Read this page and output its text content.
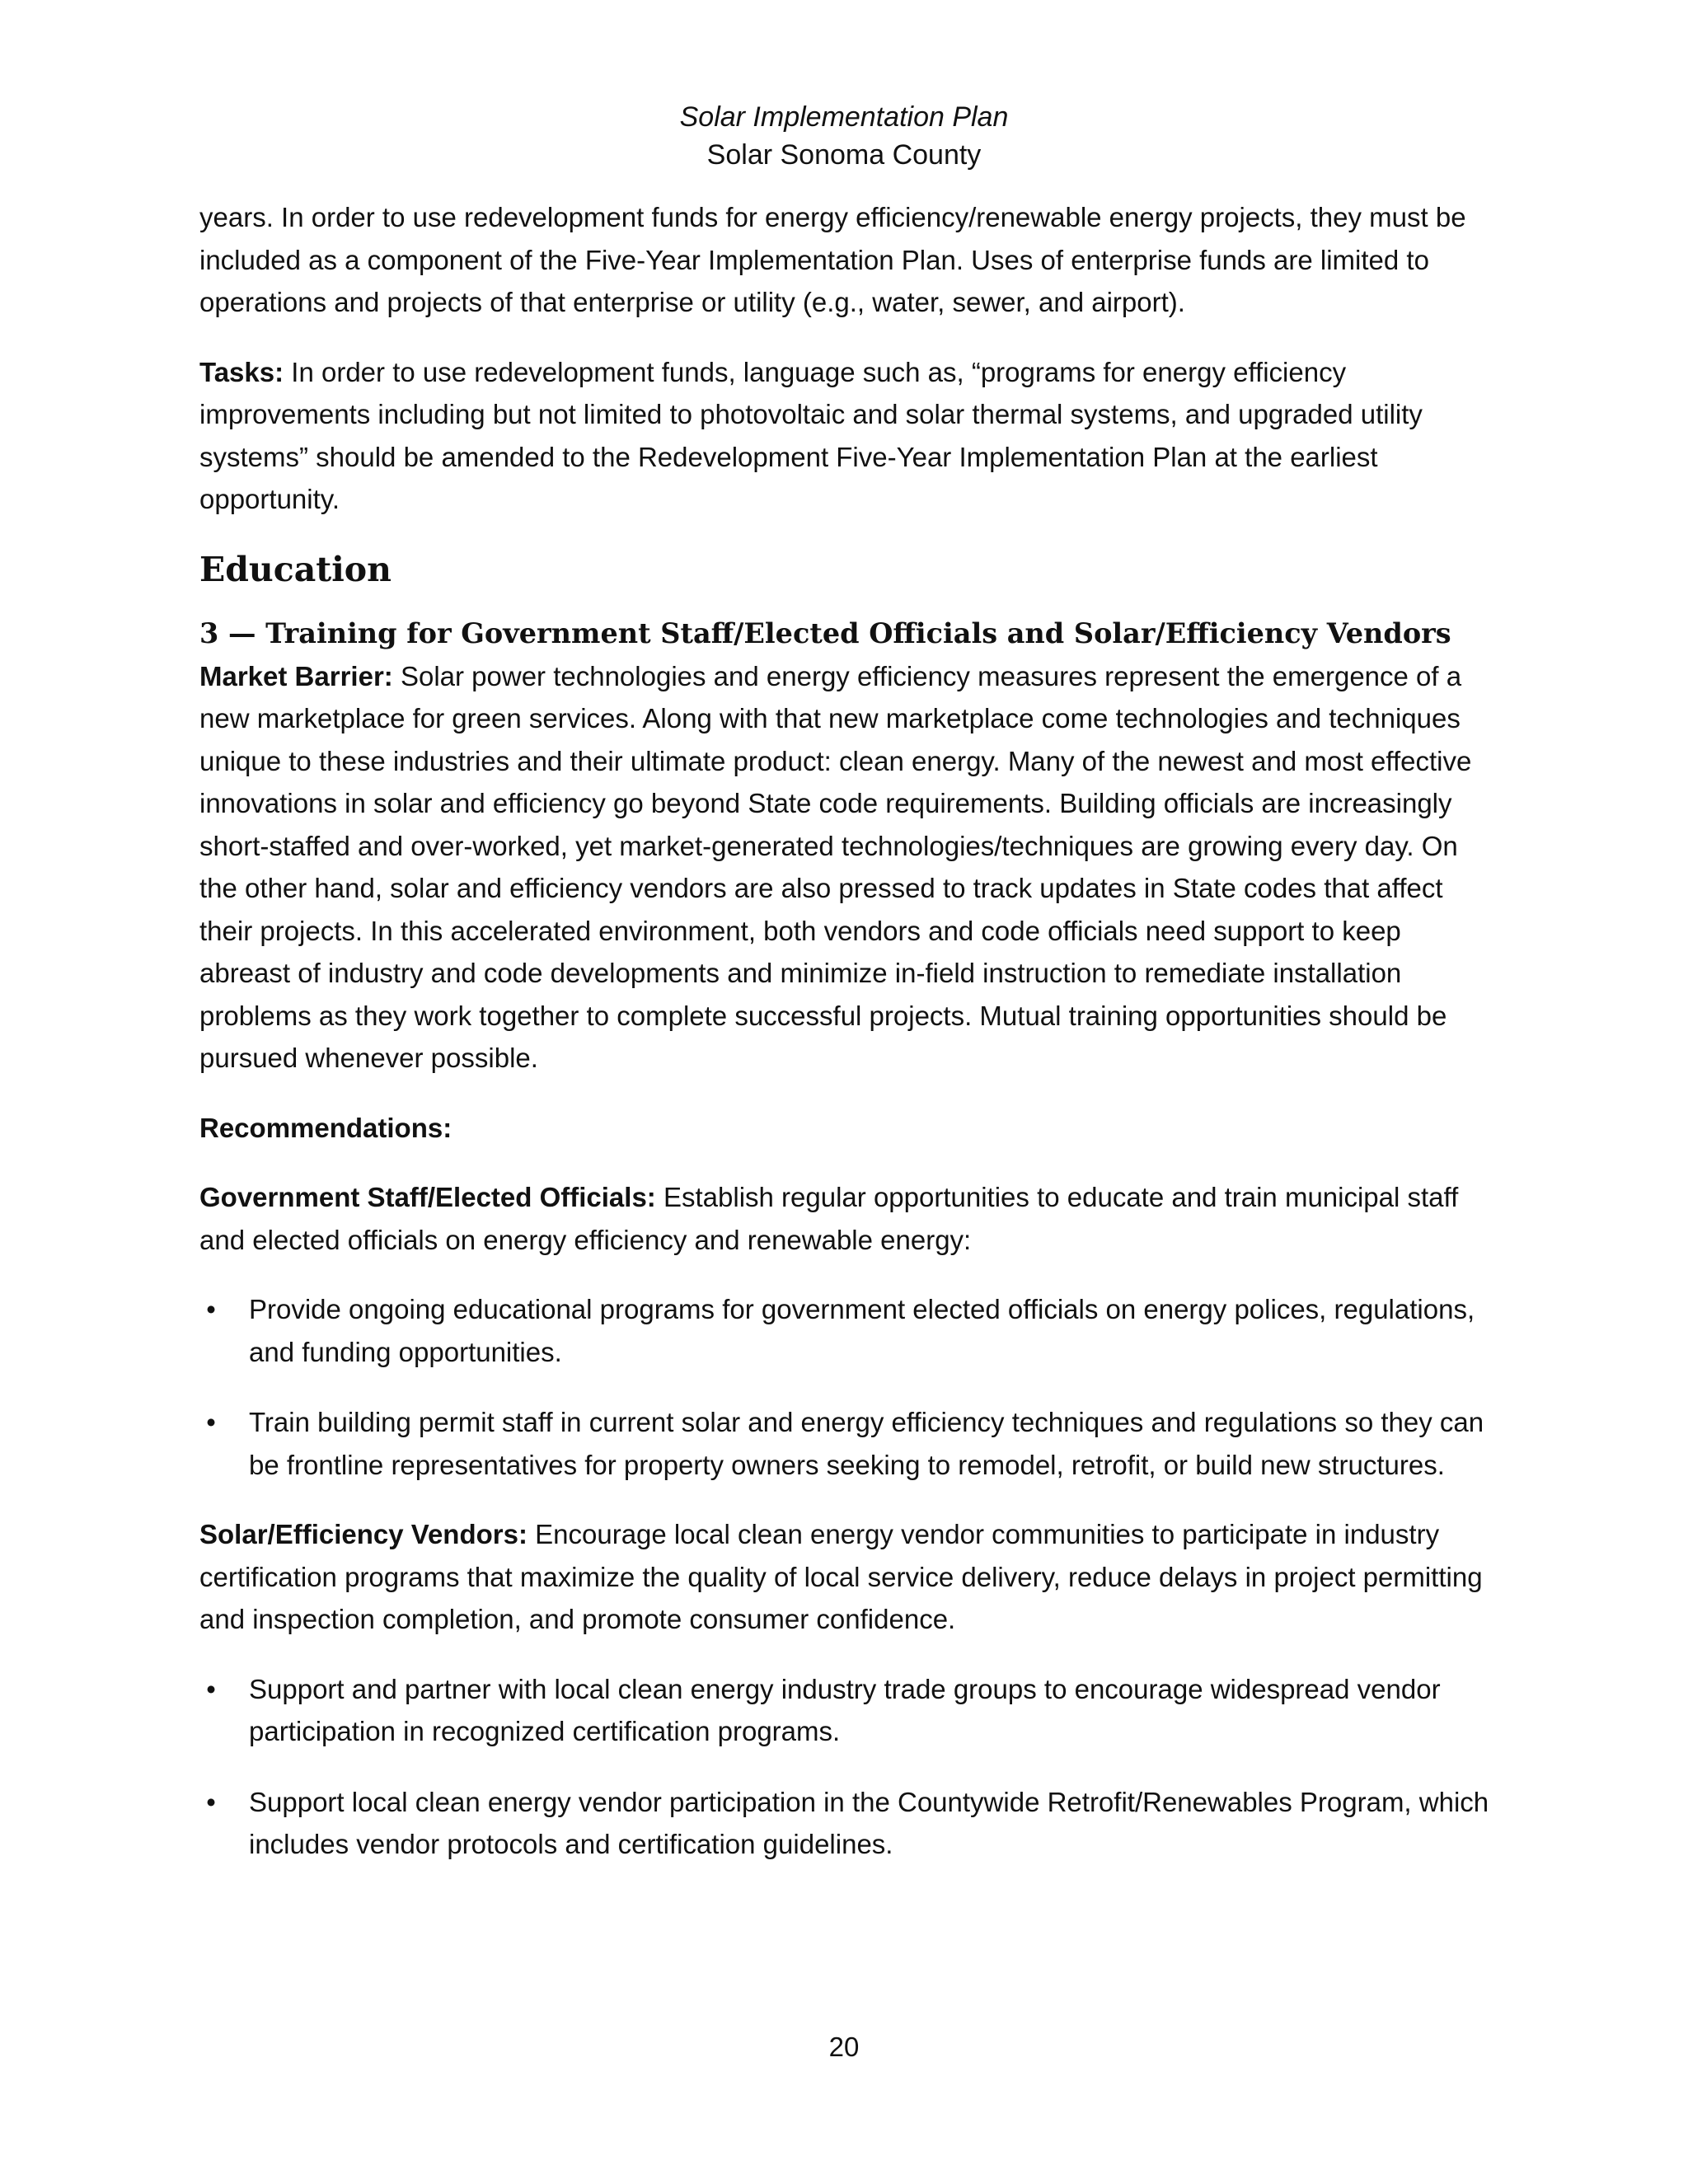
Solar Implementation Plan
Solar Sonoma County

years. In order to use redevelopment funds for energy efficiency/renewable energy projects, they must be included as a component of the Five-Year Implementation Plan. Uses of enterprise funds are limited to operations and projects of that enterprise or utility (e.g., water, sewer, and airport).

Tasks: In order to use redevelopment funds, language such as, “programs for energy efficiency improvements including but not limited to photovoltaic and solar thermal systems, and upgraded utility systems” should be amended to the Redevelopment Five-Year Implementation Plan at the earliest opportunity.

Education
3 — Training for Government Staff/Elected Officials and Solar/Efficiency Vendors

Market Barrier: Solar power technologies and energy efficiency measures represent the emergence of a new marketplace for green services. Along with that new marketplace come technologies and techniques unique to these industries and their ultimate product: clean energy. Many of the newest and most effective innovations in solar and efficiency go beyond State code requirements. Building officials are increasingly short-staffed and over-worked, yet market-generated technologies/techniques are growing every day. On the other hand, solar and efficiency vendors are also pressed to track updates in State codes that affect their projects. In this accelerated environment, both vendors and code officials need support to keep abreast of industry and code developments and minimize in-field instruction to remediate installation problems as they work together to complete successful projects. Mutual training opportunities should be pursued whenever possible.

Recommendations:

Government Staff/Elected Officials: Establish regular opportunities to educate and train municipal staff and elected officials on energy efficiency and renewable energy:

• Provide ongoing educational programs for government elected officials on energy polices, regulations, and funding opportunities.
• Train building permit staff in current solar and energy efficiency techniques and regulations so they can be frontline representatives for property owners seeking to remodel, retrofit, or build new structures.

Solar/Efficiency Vendors: Encourage local clean energy vendor communities to participate in industry certification programs that maximize the quality of local service delivery, reduce delays in project permitting and inspection completion, and promote consumer confidence.

• Support and partner with local clean energy industry trade groups to encourage widespread vendor participation in recognized certification programs.
• Support local clean energy vendor participation in the Countywide Retrofit/Renewables Program, which includes vendor protocols and certification guidelines.
20
